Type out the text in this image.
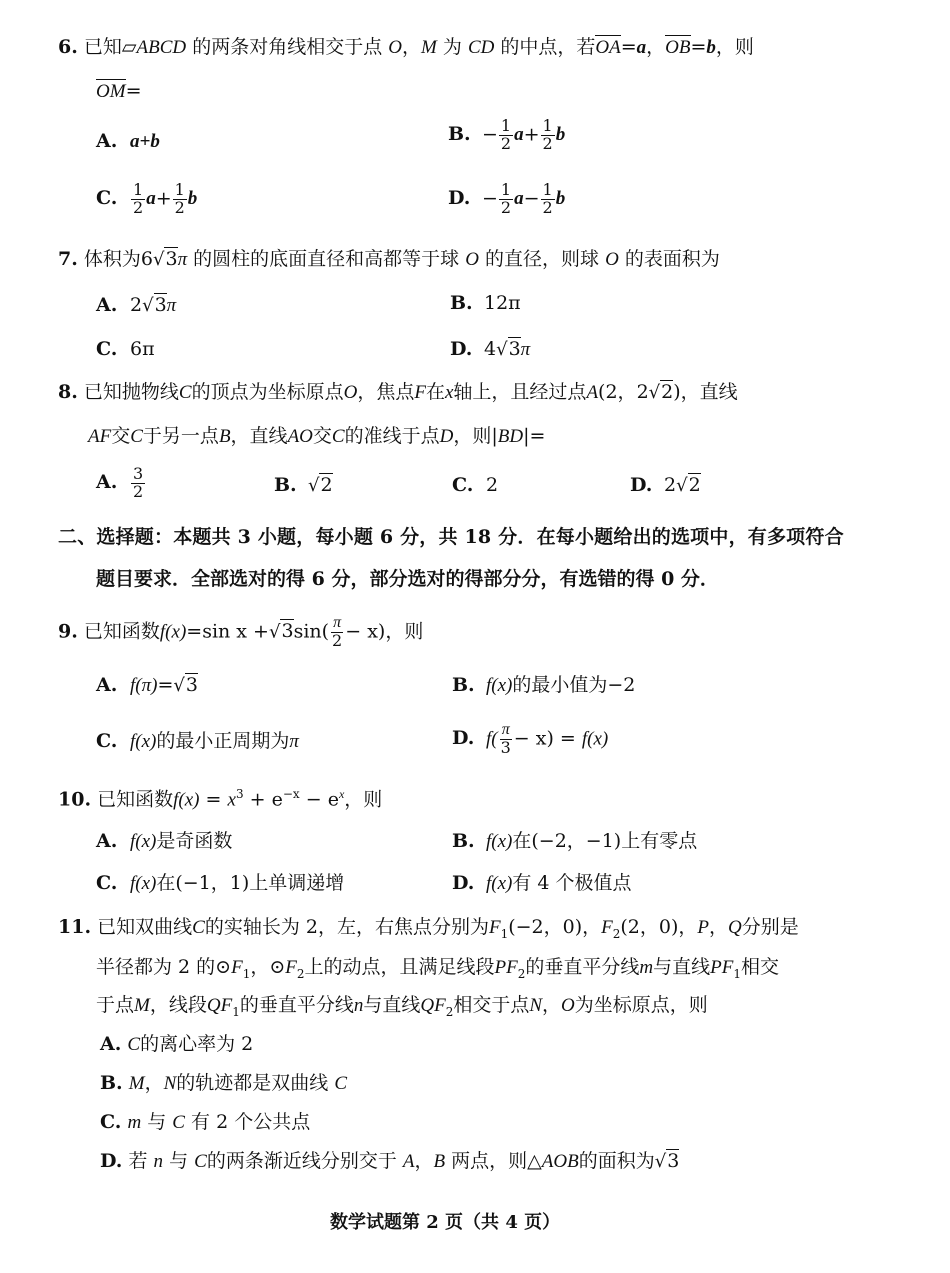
6. 已知▱ABCD 的两条对角线相交于点 O，M 为 CD 的中点，若OA=a，OB=b，则
OM=
A. a+b	B. − $\frac{1}{2} a+ \frac{1}{2}$ b
C. $\frac{1}{2} a+ \frac{1}{2}$ b	D. − $\frac{1}{2} a- \frac{1}{2}$ b
7. 体积为6√3π 的圆柱的底面直径和高都等于球 O 的直径，则球 O 的表面积为
A. 2√3π	B. 12π
C. 6π	D. 4√3π
8. 已知抛物线C的顶点为坐标原点O，焦点F在x轴上，且经过点A(2，2√2)，直线
AF交C于另一点B，直线AO交C的准线于点D，则|BD|=
A. $\frac{3}{2}$	B. √2	C. 2	D. 2√2
二、选择题：本题共 3 小题，每小题 6 分，共 18 分．在每小题给出的选项中，有多项符合
题目要求．全部选对的得 6 分，部分选对的得部分分，有选错的得 0 分．
9. 已知函数f(x)=sin $x +√3\sin( \frac{\pi}{2} - x)$，则
A. f(π)=√3	B. f(x)的最小值为−2
C. f(x)的最小正周期为π	D. $f( \frac{\pi}{3} - x) = f(x)$
10. 已知函数$f(x) = x^3 + e^{-x} - e^x$，则
A. f(x)是奇函数	B. f(x)在(−2，−1)上有零点
C. f(x)在(−1，1)上单调递增	D. f(x)有 4 个极值点
11. 已知双曲线C的实轴长为 2，左，右焦点分别为$F_1(-2$，0)，$F_2(2$，0)，P，Q分别是
半径都为 2 的$⊙F_1$，$⊙F_2$上的动点，且满足线段$PF_2$的垂直平分线m与直线$PF_1$相交
于点M，线段$QF_1$的垂直平分线n与直线$QF_2$相交于点N，O为坐标原点，则
A. C的离心率为 2
B. M，N的轨迹都是双曲线 C
C. m 与 C 有 2 个公共点
D. 若 n 与 C的两条渐近线分别交于 A，B 两点，则△AOB的面积为√3
数学试题第 2 页（共 4 页）
